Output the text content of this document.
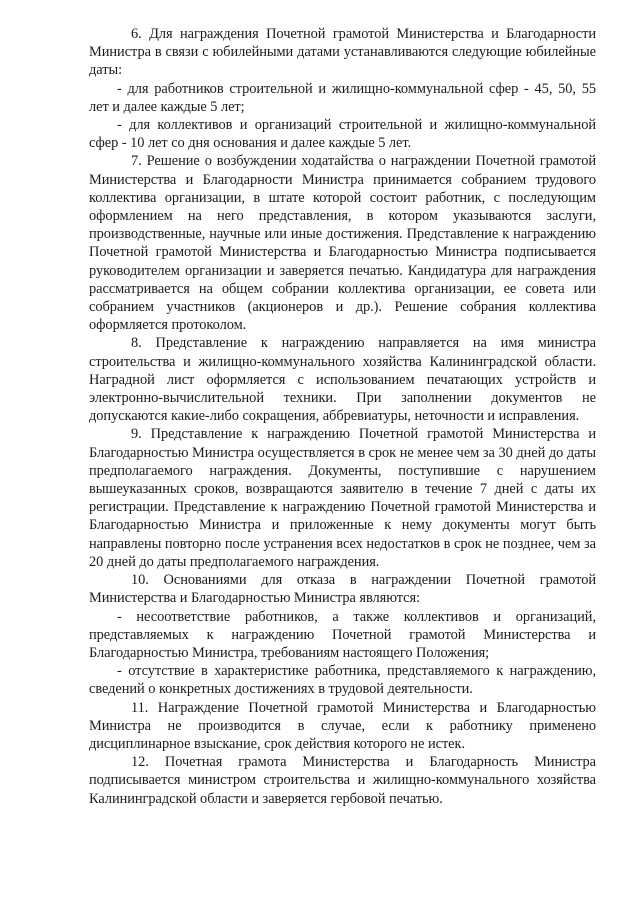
6. Для награждения Почетной грамотой Министерства и Благодарности Министра в связи с юбилейными датами устанавливаются следующие юбилейные даты:

- для работников строительной и жилищно-коммунальной сфер - 45, 50, 55 лет и далее каждые 5 лет;

- для коллективов и организаций строительной и жилищно-коммунальной сфер - 10 лет со дня основания и далее каждые 5 лет.

7. Решение о возбуждении ходатайства о награждении Почетной грамотой Министерства и Благодарности Министра принимается собранием трудового коллектива организации, в штате которой состоит работник, с последующим оформлением на него представления, в котором указываются заслуги, производственные, научные или иные достижения. Представление к награждению Почетной грамотой Министерства и Благодарностью Министра подписывается руководителем организации и заверяется печатью. Кандидатура для награждения рассматривается на общем собрании коллектива организации, ее совета или собранием участников (акционеров и др.). Решение собрания коллектива оформляется протоколом.

8. Представление к награждению направляется на имя министра строительства и жилищно-коммунального хозяйства Калининградской области. Наградной лист оформляется с использованием печатающих устройств и электронно-вычислительной техники. При заполнении документов не допускаются какие-либо сокращения, аббревиатуры, неточности и исправления.

9. Представление к награждению Почетной грамотой Министерства и Благодарностью Министра осуществляется в срок не менее чем за 30 дней до даты предполагаемого награждения. Документы, поступившие с нарушением вышеуказанных сроков, возвращаются заявителю в течение 7 дней с даты их регистрации. Представление к награждению Почетной грамотой Министерства и Благодарностью Министра и приложенные к нему документы могут быть направлены повторно после устранения всех недостатков в срок не позднее, чем за 20 дней до даты предполагаемого награждения.

10. Основаниями для отказа в награждении Почетной грамотой Министерства и Благодарностью Министра являются:

- несоответствие работников, а также коллективов и организаций, представляемых к награждению Почетной грамотой Министерства и Благодарностью Министра, требованиям настоящего Положения;

- отсутствие в характеристике работника, представляемого к награждению, сведений о конкретных достижениях в трудовой деятельности.

11. Награждение Почетной грамотой Министерства и Благодарностью Министра не производится в случае, если к работнику применено дисциплинарное взыскание, срок действия которого не истек.

12. Почетная грамота Министерства и Благодарность Министра подписывается министром строительства и жилищно-коммунального хозяйства Калининградской области и заверяется гербовой печатью.
